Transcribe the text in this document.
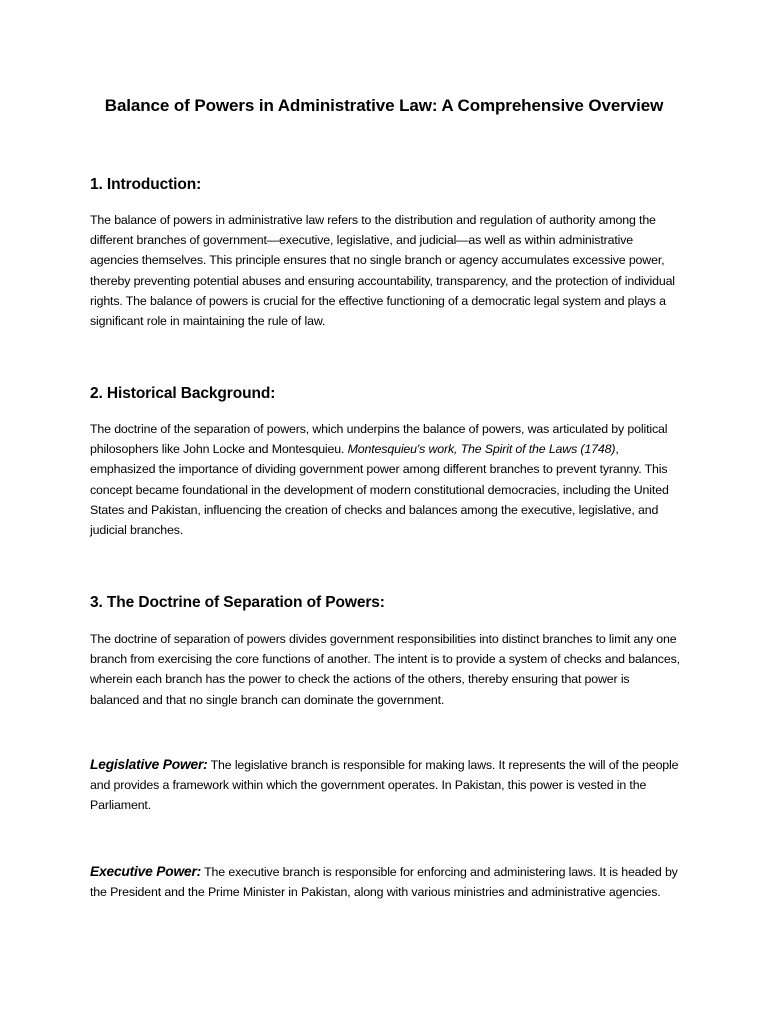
Balance of Powers in Administrative Law: A Comprehensive Overview
1. Introduction:

The balance of powers in administrative law refers to the distribution and regulation of authority among the different branches of government—executive, legislative, and judicial—as well as within administrative agencies themselves. This principle ensures that no single branch or agency accumulates excessive power, thereby preventing potential abuses and ensuring accountability, transparency, and the protection of individual rights. The balance of powers is crucial for the effective functioning of a democratic legal system and plays a significant role in maintaining the rule of law.

2. Historical Background:

The doctrine of the separation of powers, which underpins the balance of powers, was articulated by political philosophers like John Locke and Montesquieu. Montesquieu's work, The Spirit of the Laws (1748), emphasized the importance of dividing government power among different branches to prevent tyranny. This concept became foundational in the development of modern constitutional democracies, including the United States and Pakistan, influencing the creation of checks and balances among the executive, legislative, and judicial branches.

3. The Doctrine of Separation of Powers:

The doctrine of separation of powers divides government responsibilities into distinct branches to limit any one branch from exercising the core functions of another. The intent is to provide a system of checks and balances, wherein each branch has the power to check the actions of the others, thereby ensuring that power is balanced and that no single branch can dominate the government.

Legislative Power: The legislative branch is responsible for making laws. It represents the will of the people and provides a framework within which the government operates. In Pakistan, this power is vested in the Parliament.

Executive Power: The executive branch is responsible for enforcing and administering laws. It is headed by the President and the Prime Minister in Pakistan, along with various ministries and administrative agencies.
